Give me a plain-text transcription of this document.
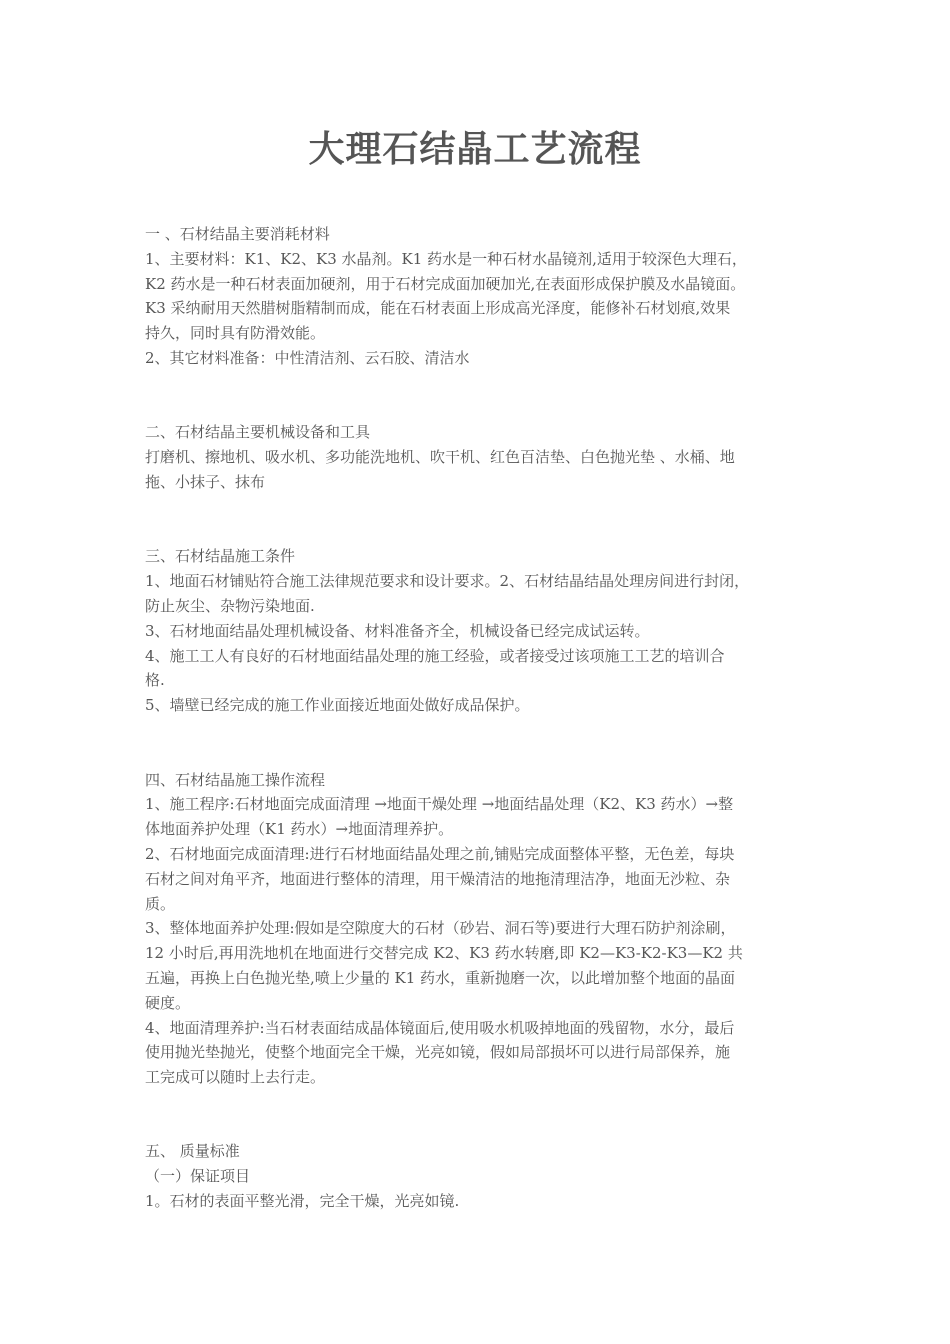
大理石结晶工艺流程
一 、石材结晶主要消耗材料
1、主要材料：K1、K2、K3 水晶剂。K1 药水是一种石材水晶镜剂,适用于较深色大理石，
K2 药水是一种石材表面加硬剂，用于石材完成面加硬加光,在表面形成保护膜及水晶镜面。
K3 采纳耐用天然腊树脂精制而成，能在石材表面上形成高光泽度，能修补石材划痕,效果
持久，同时具有防滑效能。
2、其它材料准备：中性清洁剂、云石胶、清洁水
二、石材结晶主要机械设备和工具
打磨机、擦地机、吸水机、多功能洗地机、吹干机、红色百洁垫、白色抛光垫 、水桶、地
拖、小抹子、抹布
三、石材结晶施工条件
1、地面石材铺贴符合施工法律规范要求和设计要求。2、石材结晶结晶处理房间进行封闭，
防止灰尘、杂物污染地面.
3、石材地面结晶处理机械设备、材料准备齐全，机械设备已经完成试运转。
4、施工工人有良好的石材地面结晶处理的施工经验，或者接受过该项施工工艺的培训合
格.
5、墙壁已经完成的施工作业面接近地面处做好成品保护。
四、石材结晶施工操作流程
1、施工程序:石材地面完成面清理 →地面干燥处理 →地面结晶处理（K2、K3 药水）→整
体地面养护处理（K1 药水）→地面清理养护。
2、石材地面完成面清理:进行石材地面结晶处理之前,铺贴完成面整体平整，无色差，每块
石材之间对角平齐，地面进行整体的清理，用干燥清洁的地拖清理洁净，地面无沙粒、杂
质。
3、整体地面养护处理:假如是空隙度大的石材（砂岩、洞石等)要进行大理石防护剂涂刷，
12 小时后,再用洗地机在地面进行交替完成 K2、K3 药水转磨,即 K2—K3-K2-K3—K2 共
五遍，再换上白色抛光垫,喷上少量的 K1 药水，重新抛磨一次，以此增加整个地面的晶面
硬度。
4、地面清理养护:当石材表面结成晶体镜面后,使用吸水机吸掉地面的残留物，水分，最后
使用抛光垫抛光，使整个地面完全干燥，光亮如镜，假如局部损坏可以进行局部保养，施
工完成可以随时上去行走。
五、 质量标准
（一）保证项目
1。石材的表面平整光滑，完全干燥，光亮如镜.
